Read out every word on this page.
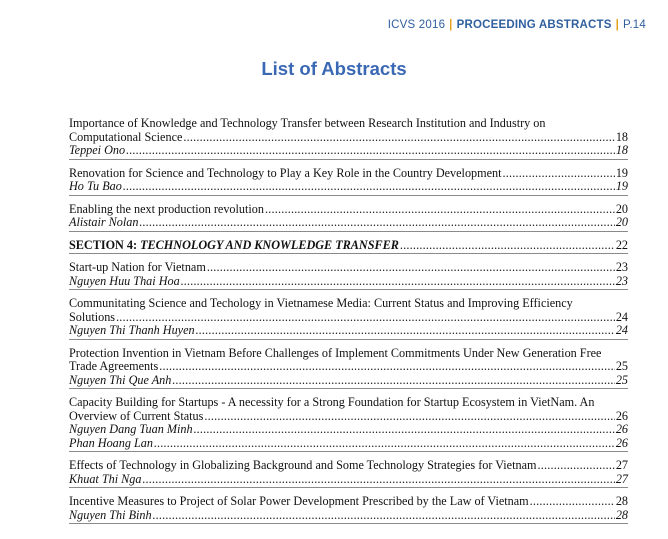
ICVS 2016 | PROCEEDING ABSTRACTS | P.14
List of Abstracts
Importance of Knowledge and Technology Transfer between Research Institution and Industry on
Computational Science .....	18
Teppei Ono .....	18
Renovation for Science and Technology to Play a Key Role in the Country Development .....	19
Ho Tu Bao .....	19
Enabling the next production revolution .....	20
Alistair Nolan .....	20
SECTION 4: TECHNOLOGY AND KNOWLEDGE TRANSFER .....	22
Start-up Nation for Vietnam .....	23
Nguyen Huu Thai Hoa .....	23
Communitating Science and Techology in Vietnamese Media: Current Status and Improving Efficiency
Solutions .....	24
Nguyen Thi Thanh Huyen .....	24
Protection Invention in Vietnam Before Challenges of Implement Commitments Under New Generation Free
Trade Agreements .....	25
Nguyen Thi Que Anh .....	25
Capacity Building for Startups - A necessity for a Strong Foundation for Startup Ecosystem in VietNam. An
Overview of Current Status .....	26
Nguyen Dang Tuan Minh .....	26
Phan Hoang Lan .....	26
Effects of Technology in Globalizing Background and Some Technology Strategies for Vietnam .....	27
Khuat Thi Nga .....	27
Incentive Measures to Project of Solar Power Development Prescribed by the Law of Vietnam .....	28
Nguyen Thi Binh .....	28
